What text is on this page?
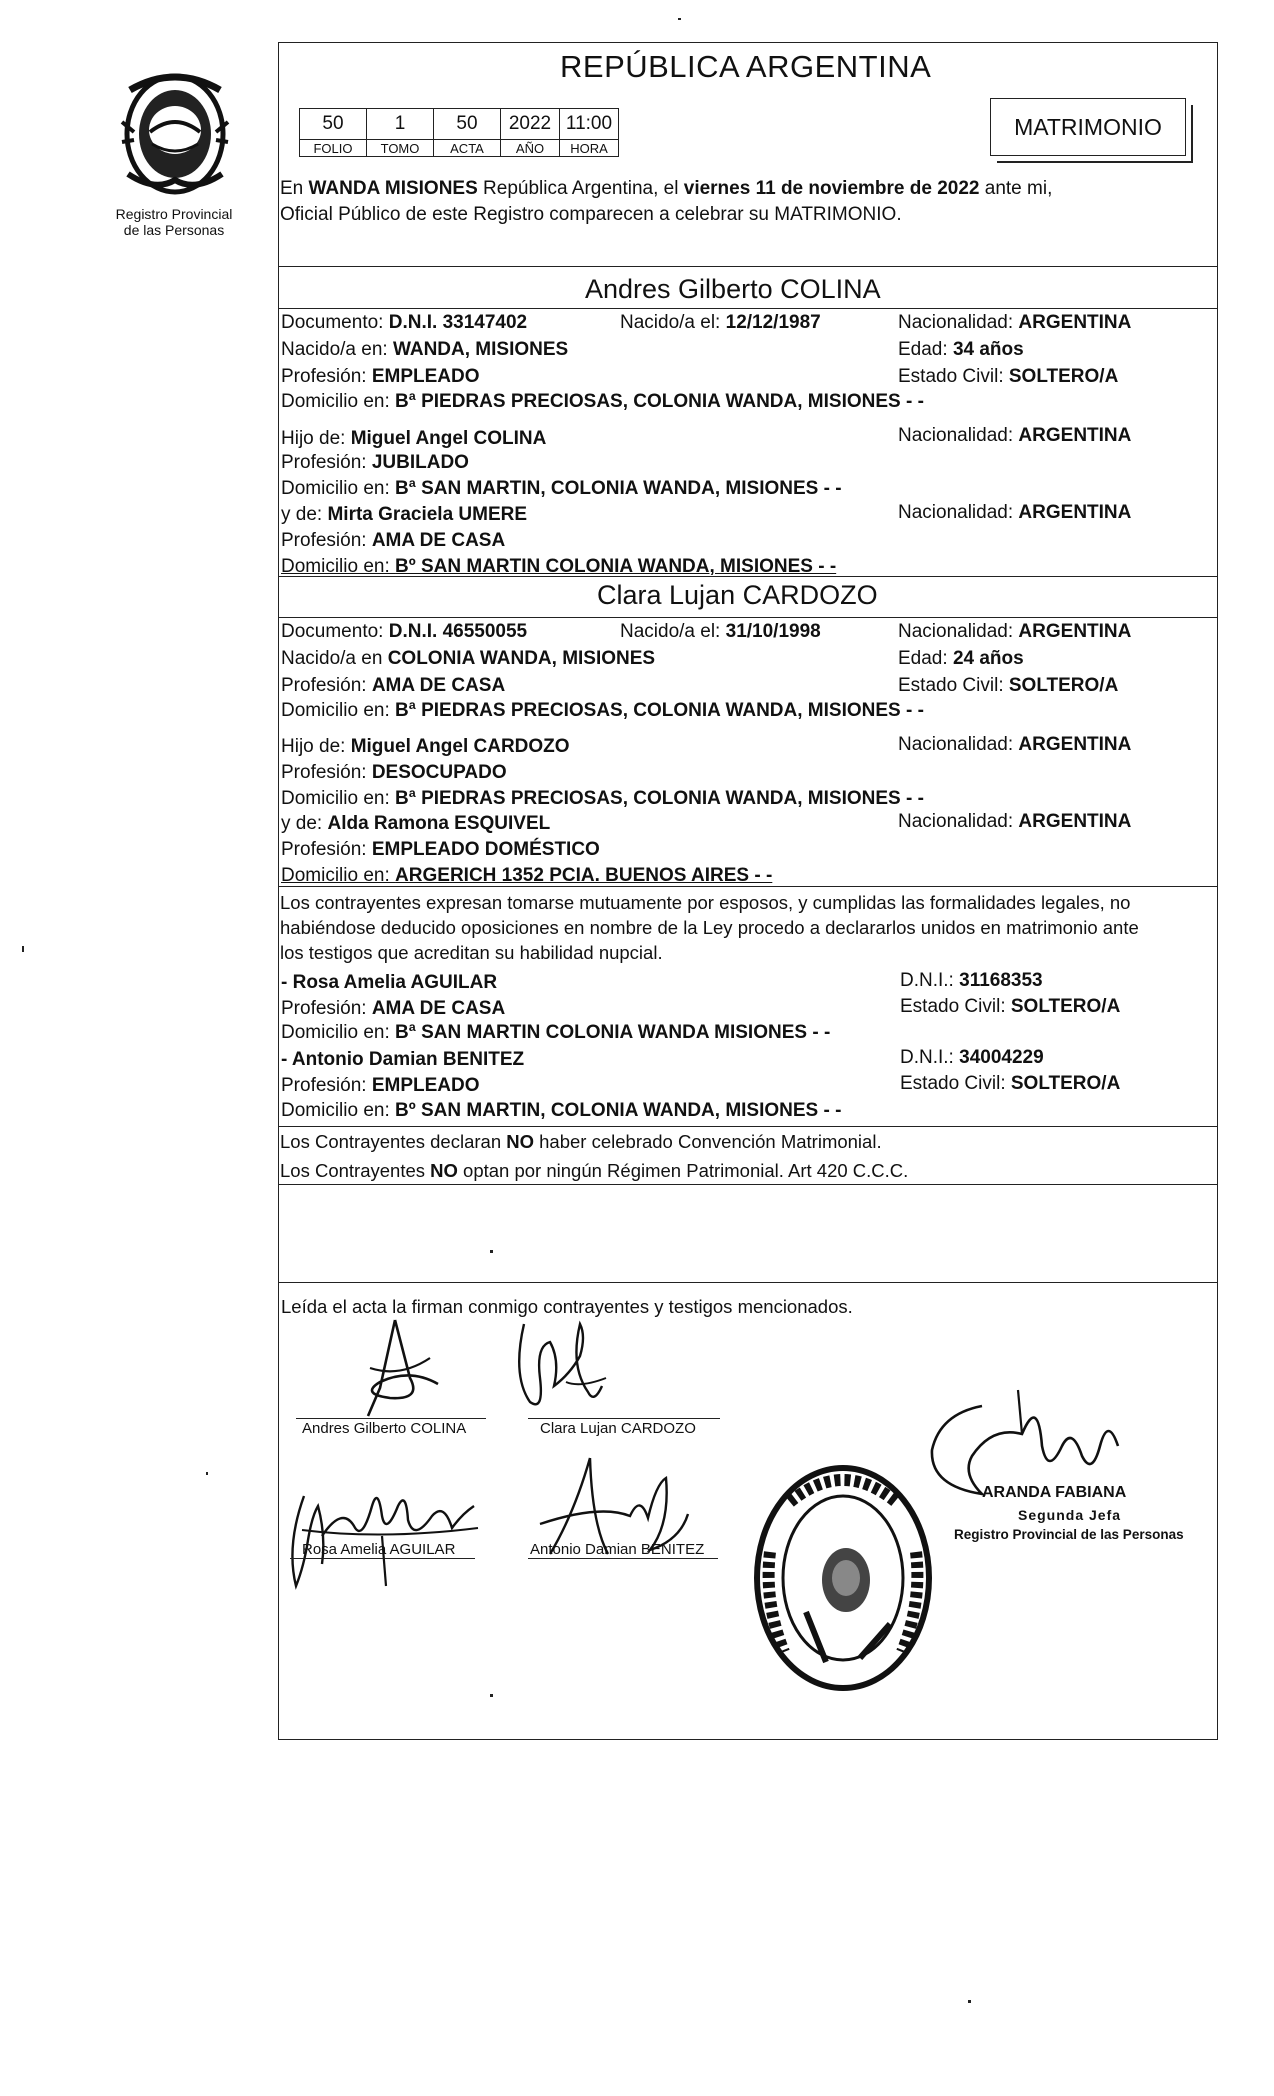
Registro Provincial
de las Personas
REPÚBLICA ARGENTINA
50	1	50	2022	11:00
FOLIO	TOMO	ACTA	AÑO	HORA
MATRIMONIO
En WANDA MISIONES República Argentina, el viernes 11 de noviembre de 2022 ante mi,
Oficial Público de este Registro comparecen a celebrar su MATRIMONIO.
Andres Gilberto COLINA
Documento: D.N.I. 33147402	Nacido/a el: 12/12/1987	Nacionalidad: ARGENTINA
Nacido/a en: WANDA, MISIONES	Edad: 34 años
Profesión: EMPLEADO	Estado Civil: SOLTERO/A
Domicilio en: Bª PIEDRAS PRECIOSAS, COLONIA WANDA, MISIONES - -
Hijo de: Miguel Angel COLINA	Nacionalidad: ARGENTINA
Profesión: JUBILADO
Domicilio en: Bª SAN MARTIN, COLONIA WANDA, MISIONES - -
y de: Mirta Graciela UMERE	Nacionalidad: ARGENTINA
Profesión: AMA DE CASA
Domicilio en: Bº SAN MARTIN COLONIA WANDA, MISIONES - -
Clara Lujan CARDOZO
Documento: D.N.I. 46550055	Nacido/a el: 31/10/1998	Nacionalidad: ARGENTINA
Nacido/a en COLONIA WANDA, MISIONES	Edad: 24 años
Profesión: AMA DE CASA	Estado Civil: SOLTERO/A
Domicilio en: Bª PIEDRAS PRECIOSAS, COLONIA WANDA, MISIONES - -
Hijo de: Miguel Angel CARDOZO	Nacionalidad: ARGENTINA
Profesión: DESOCUPADO
Domicilio en: Bª PIEDRAS PRECIOSAS, COLONIA WANDA, MISIONES - -
y de: Alda Ramona ESQUIVEL	Nacionalidad: ARGENTINA
Profesión: EMPLEADO DOMÉSTICO
Domicilio en: ARGERICH 1352 PCIA. BUENOS AIRES - -
Los contrayentes expresan tomarse mutuamente por esposos, y cumplidas las formalidades legales, no
habiéndose deducido oposiciones en nombre de la Ley procedo a declararlos unidos en matrimonio ante
los testigos que acreditan su habilidad nupcial.
- Rosa Amelia AGUILAR	D.N.I.: 31168353
Profesión: AMA DE CASA	Estado Civil: SOLTERO/A
Domicilio en: Bª SAN MARTIN COLONIA WANDA MISIONES - -
- Antonio Damian BENITEZ	D.N.I.: 34004229
Profesión: EMPLEADO	Estado Civil: SOLTERO/A
Domicilio en: Bº SAN MARTIN, COLONIA WANDA, MISIONES - -
Los Contrayentes declaran NO haber celebrado Convención Matrimonial.
Los Contrayentes NO optan por ningún Régimen Patrimonial. Art 420 C.C.C.
Leída el acta la firman conmigo contrayentes y testigos mencionados.
Andres Gilberto COLINA	Clara Lujan CARDOZO
Rosa Amelia AGUILAR	Antonio Damian BENITEZ
ARANDA FABIANA
Segunda Jefa
Registro Provincial de las Personas
